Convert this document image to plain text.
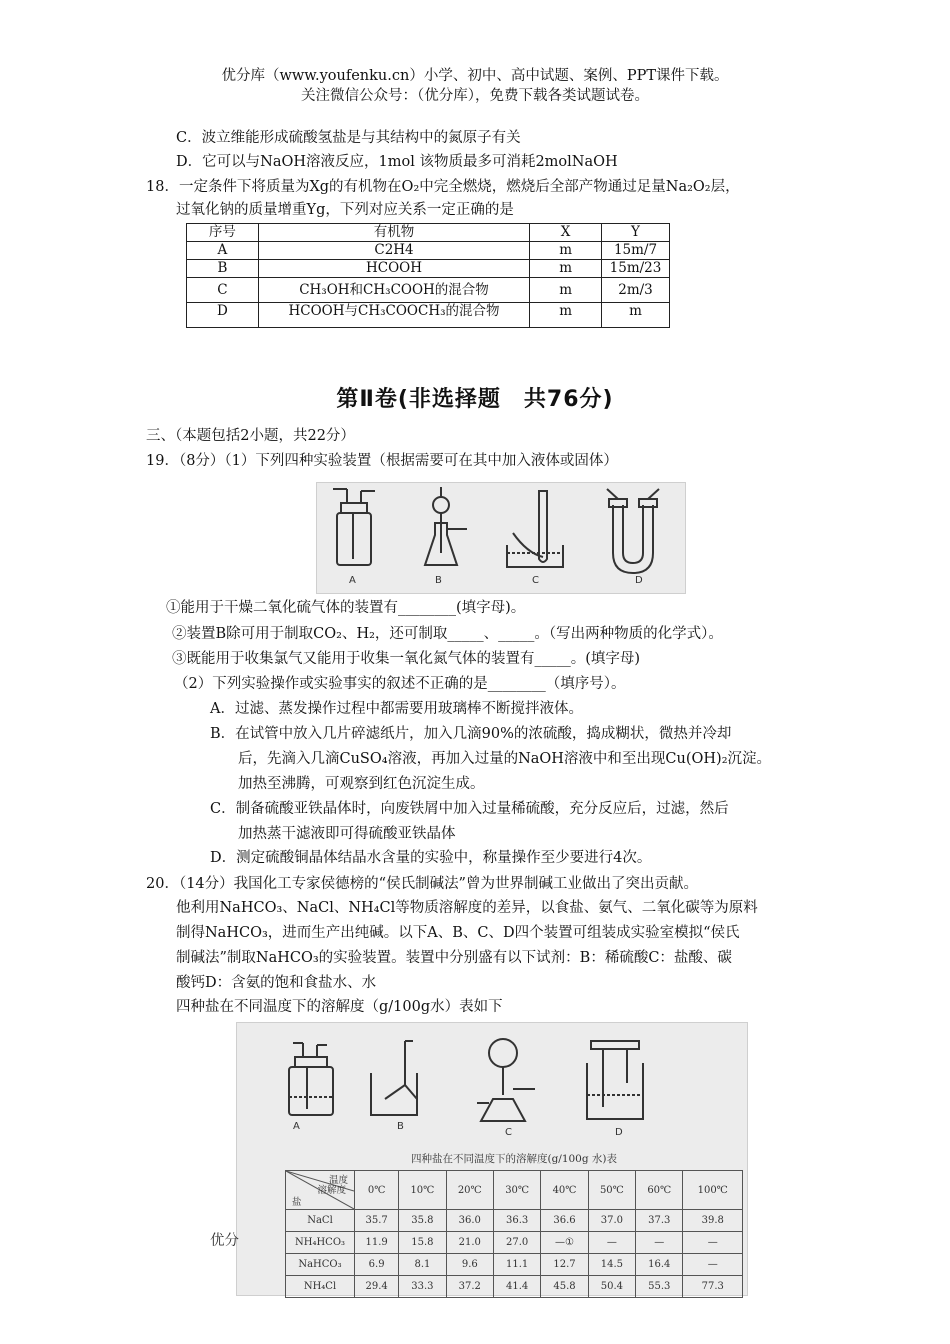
优分库（www.youfenku.cn）小学、初中、高中试题、案例、PPT课件下载。
关注微信公众号：（优分库），免费下载各类试题试卷。
C．波立维能形成硫酸氢盐是与其结构中的氮原子有关
D．它可以与NaOH溶液反应，1mol 该物质最多可消耗2molNaOH
18．一定条件下将质量为Xg的有机物在O₂中完全燃烧，燃烧后全部产物通过足量Na₂O₂层，
过氧化钠的质量增重Yg，下列对应关系一定正确的是
序号	有机物	X	Y
A	C2H4	m	15m/7
B	HCOOH	m	15m/23
C	CH₃OH和CH₃COOH的混合物	m	2m/3
D	HCOOH与CH₃COOCH₃的混合物	m	m
第Ⅱ卷(非选择题　共76分)
三、（本题包括2小题，共22分）
19．（8分）（1）下列四种实验装置（根据需要可在其中加入液体或固体）
A	B	C	D
①能用于干燥二氧化硫气体的装置有________(填字母)。
②装置B除可用于制取CO₂、H₂，还可制取_____、_____。（写出两种物质的化学式）。
③既能用于收集氯气又能用于收集一氧化氮气体的装置有_____。(填字母)
（2）下列实验操作或实验事实的叙述不正确的是________（填序号）。
A．过滤、蒸发操作过程中都需要用玻璃棒不断搅拌液体。
B．在试管中放入几片碎滤纸片，加入几滴90%的浓硫酸，捣成糊状，微热并冷却
后，先滴入几滴CuSO₄溶液，再加入过量的NaOH溶液中和至出现Cu(OH)₂沉淀。
加热至沸腾，可观察到红色沉淀生成。
C．制备硫酸亚铁晶体时，向废铁屑中加入过量稀硫酸，充分反应后，过滤，然后
加热蒸干滤液即可得硫酸亚铁晶体
D．测定硫酸铜晶体结晶水含量的实验中，称量操作至少要进行4次。
20．（14分）我国化工专家侯德榜的“侯氏制碱法”曾为世界制碱工业做出了突出贡献。
他利用NaHCO₃、NaCl、NH₄Cl等物质溶解度的差异，以食盐、氨气、二氧化碳等为原料
制得NaHCO₃，进而生产出纯碱。以下A、B、C、D四个装置可组装成实验室模拟“侯氏
制碱法”制取NaHCO₃的实验装置。装置中分别盛有以下试剂：B：稀硫酸C：盐酸、碳
酸钙D：含氨的饱和食盐水、水
四种盐在不同温度下的溶解度（g/100g水）表如下
A	B
C	D
四种盐在不同温度下的溶解度(g/100g 水)表
温度
溶解度
盐	0℃	10℃	20℃	30℃	40℃	50℃	60℃	100℃
NaCl	35.7	35.8	36.0	36.3	36.6	37.0	37.3	39.8
NH₄HCO₃	11.9	15.8	21.0	27.0	—①	—	—	—
NaHCO₃	6.9	8.1	9.6	11.1	12.7	14.5	16.4	—
NH₄Cl	29.4	33.3	37.2	41.4	45.8	50.4	55.3	77.3
优分
